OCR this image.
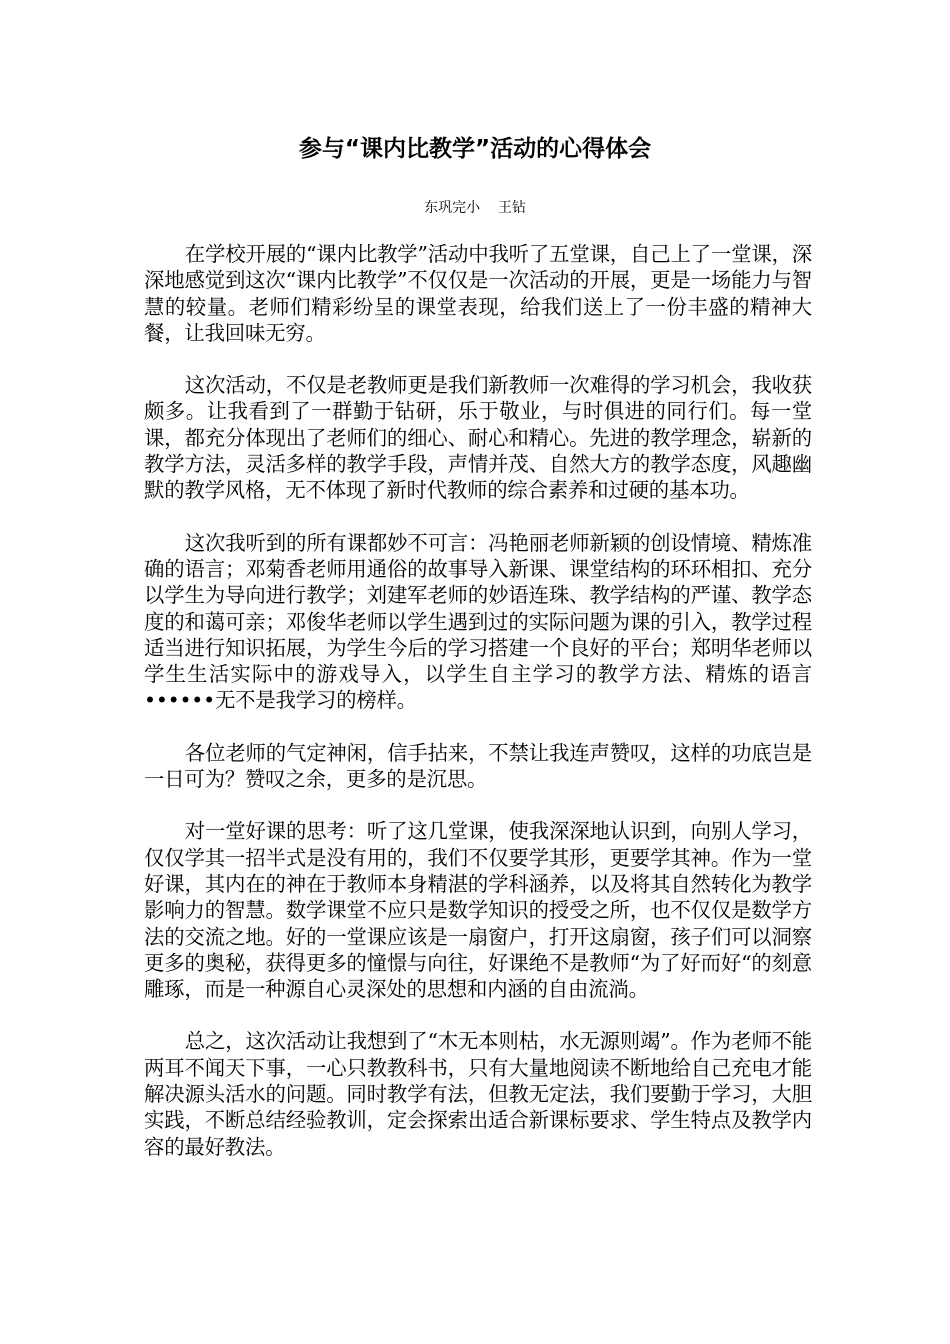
参与“课内比教学”活动的心得体会
东巩完小    王钻

在学校开展的“课内比教学”活动中我听了五堂课，自己上了一堂课，深深地感觉到这次“课内比教学”不仅仅是一次活动的开展，更是一场能力与智慧的较量。老师们精彩纷呈的课堂表现，给我们送上了一份丰盛的精神大餐，让我回味无穷。

这次活动，不仅是老教师更是我们新教师一次难得的学习机会，我收获颇多。让我看到了一群勤于钻研，乐于敬业，与时俱进的同行们。每一堂课，都充分体现出了老师们的细心、耐心和精心。先进的教学理念，崭新的教学方法，灵活多样的教学手段，声情并茂、自然大方的教学态度，风趣幽默的教学风格，无不体现了新时代教师的综合素养和过硬的基本功。

这次我听到的所有课都妙不可言：冯艳丽老师新颖的创设情境、精炼准确的语言；邓菊香老师用通俗的故事导入新课、课堂结构的环环相扣、充分以学生为导向进行教学；刘建军老师的妙语连珠、教学结构的严谨、教学态度的和蔼可亲；邓俊华老师以学生遇到过的实际问题为课的引入，教学过程适当进行知识拓展，为学生今后的学习搭建一个良好的平台；郑明华老师以学生生活实际中的游戏导入，以学生自主学习的教学方法、精炼的语言••••••无不是我学习的榜样。

各位老师的气定神闲，信手拈来，不禁让我连声赞叹，这样的功底岂是一日可为？赞叹之余，更多的是沉思。

对一堂好课的思考：听了这几堂课，使我深深地认识到，向别人学习，仅仅学其一招半式是没有用的，我们不仅要学其形，更要学其神。作为一堂好课，其内在的神在于教师本身精湛的学科涵养，以及将其自然转化为教学影响力的智慧。数学课堂不应只是数学知识的授受之所，也不仅仅是数学方法的交流之地。好的一堂课应该是一扇窗户，打开这扇窗，孩子们可以洞察更多的奥秘，获得更多的憧憬与向往，好课绝不是教师“为了好而好“的刻意雕琢，而是一种源自心灵深处的思想和内涵的自由流淌。

总之，这次活动让我想到了“木无本则枯，水无源则竭”。作为老师不能两耳不闻天下事，一心只教教科书，只有大量地阅读不断地给自己充电才能解决源头活水的问题。同时教学有法，但教无定法，我们要勤于学习，大胆实践，不断总结经验教训，定会探索出适合新课标要求、学生特点及教学内容的最好教法。
